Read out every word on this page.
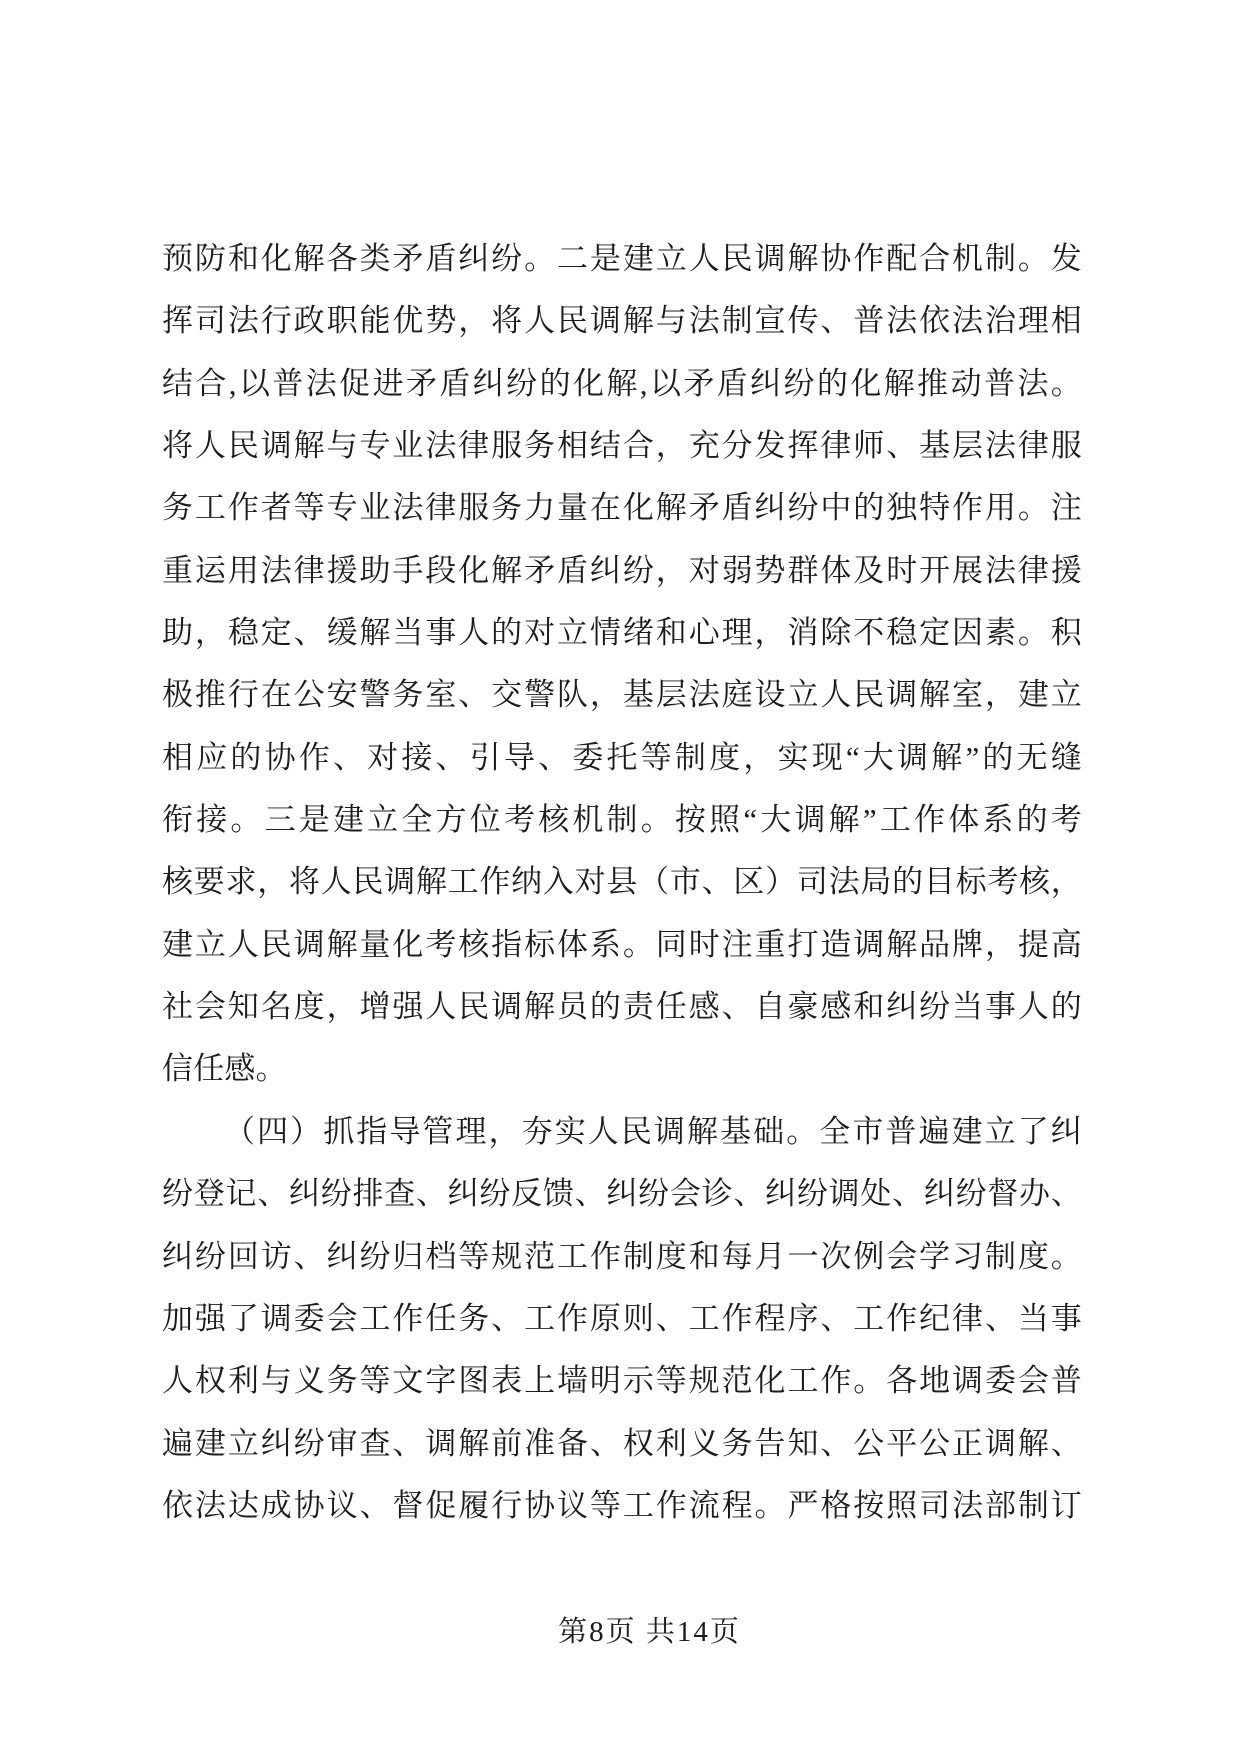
预防和化解各类矛盾纠纷。二是建立人民调解协作配合机制。发
挥司法行政职能优势，将人民调解与法制宣传、普法依法治理相
结合,以普法促进矛盾纠纷的化解,以矛盾纠纷的化解推动普法。
将人民调解与专业法律服务相结合，充分发挥律师、基层法律服
务工作者等专业法律服务力量在化解矛盾纠纷中的独特作用。注
重运用法律援助手段化解矛盾纠纷，对弱势群体及时开展法律援
助，稳定、缓解当事人的对立情绪和心理，消除不稳定因素。积
极推行在公安警务室、交警队，基层法庭设立人民调解室，建立
相应的协作、对接、引导、委托等制度，实现“大调解”的无缝
衔接。三是建立全方位考核机制。按照“大调解”工作体系的考
核要求，将人民调解工作纳入对县（市、区）司法局的目标考核，
建立人民调解量化考核指标体系。同时注重打造调解品牌，提高
社会知名度，增强人民调解员的责任感、自豪感和纠纷当事人的
信任感。
（四）抓指导管理，夯实人民调解基础。全市普遍建立了纠
纷登记、纠纷排查、纠纷反馈、纠纷会诊、纠纷调处、纠纷督办、
纠纷回访、纠纷归档等规范工作制度和每月一次例会学习制度。
加强了调委会工作任务、工作原则、工作程序、工作纪律、当事
人权利与义务等文字图表上墙明示等规范化工作。各地调委会普
遍建立纠纷审查、调解前准备、权利义务告知、公平公正调解、
依法达成协议、督促履行协议等工作流程。严格按照司法部制订
第8页 共14页
